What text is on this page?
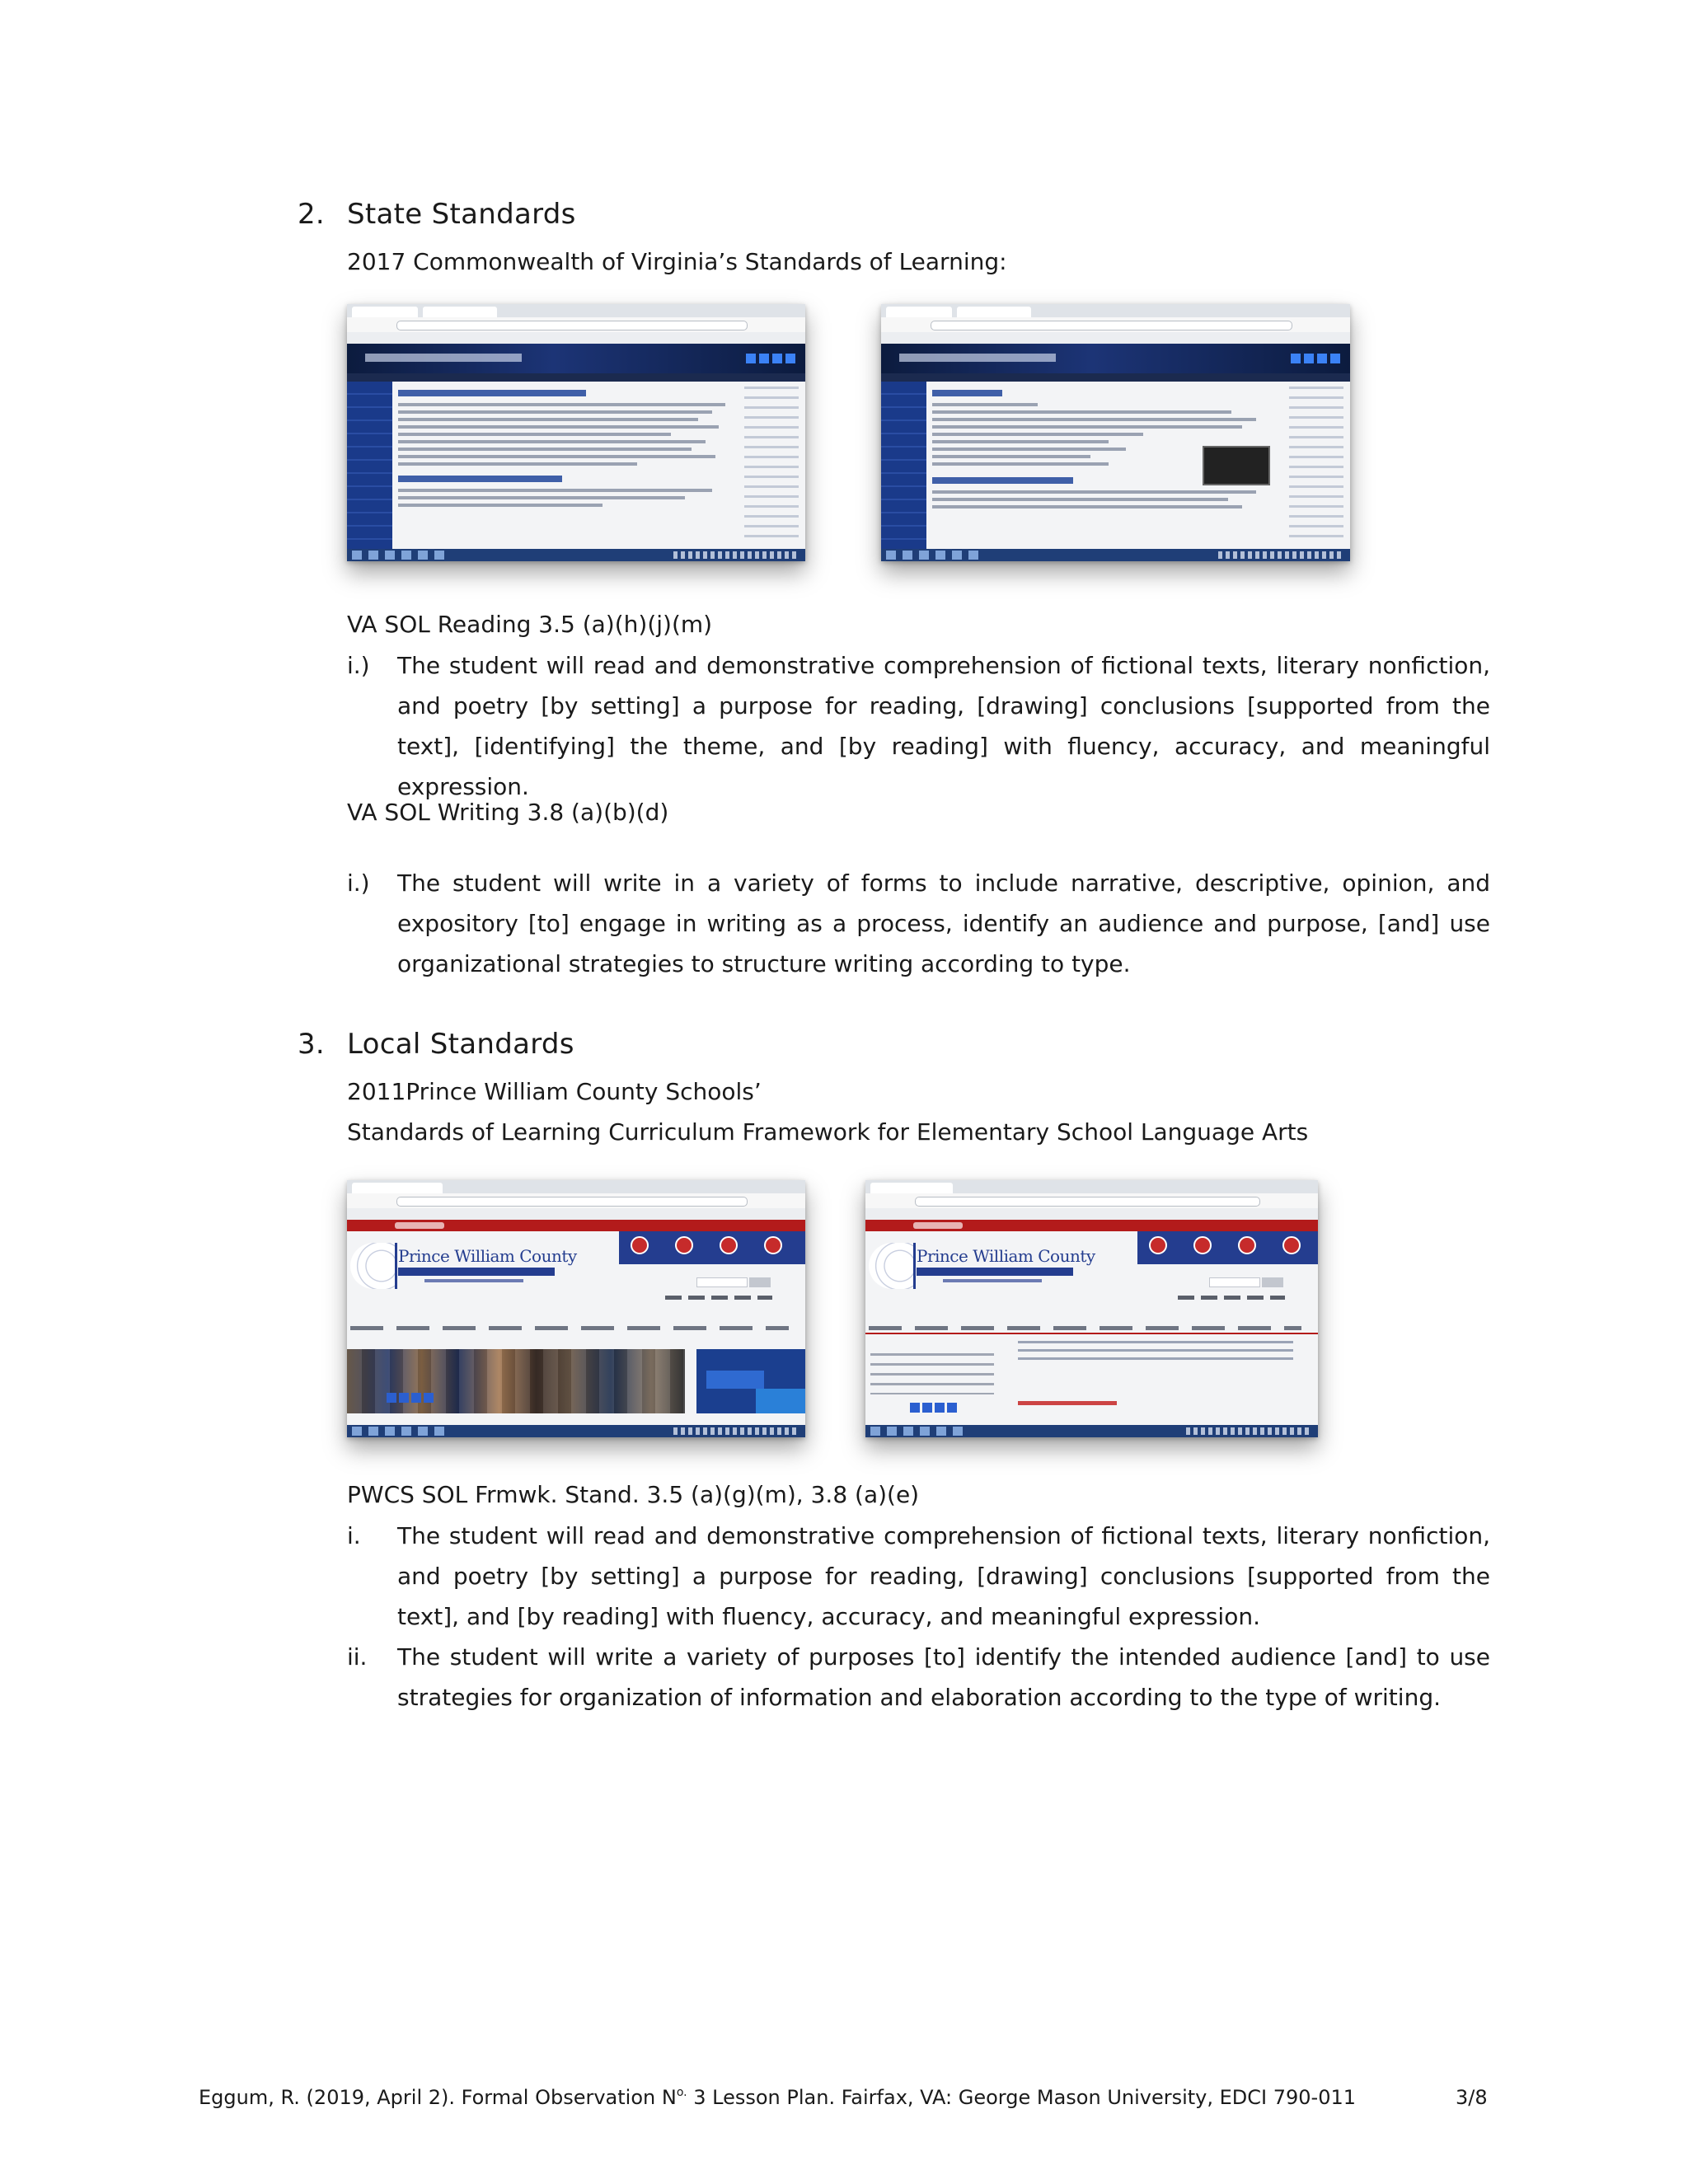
2. State Standards
2017 Commonwealth of Virginia’s Standards of Learning:
VA SOL Reading 3.5 (a)(h)(j)(m)
i.) The student will read and demonstrative comprehension of fictional texts, literary nonfiction, and poetry [by setting] a purpose for reading, [drawing] conclusions [supported from the text], [identifying] the theme, and [by reading] with fluency, accuracy, and meaningful expression.
VA SOL Writing 3.8 (a)(b)(d)
i.) The student will write in a variety of forms to include narrative, descriptive, opinion, and expository [to] engage in writing as a process, identify an audience and purpose, [and] use organizational strategies to structure writing according to type.
3. Local Standards
2011Prince William County Schools’
Standards of Learning Curriculum Framework for Elementary School Language Arts
Prince William County	Prince William County
PWCS SOL Frmwk. Stand. 3.5 (a)(g)(m), 3.8 (a)(e)
i. The student will read and demonstrative comprehension of fictional texts, literary nonfiction, and poetry [by setting] a purpose for reading, [drawing] conclusions [supported from the text], and [by reading] with fluency, accuracy, and meaningful expression.
ii. The student will write a variety of purposes [to] identify the intended audience [and] to use strategies for organization of information and elaboration according to the type of writing.
Eggum, R. (2019, April 2). Formal Observation $N^{o.}$ 3 Lesson Plan. Fairfax, VA: George Mason University, EDCI 790-011	3/8
